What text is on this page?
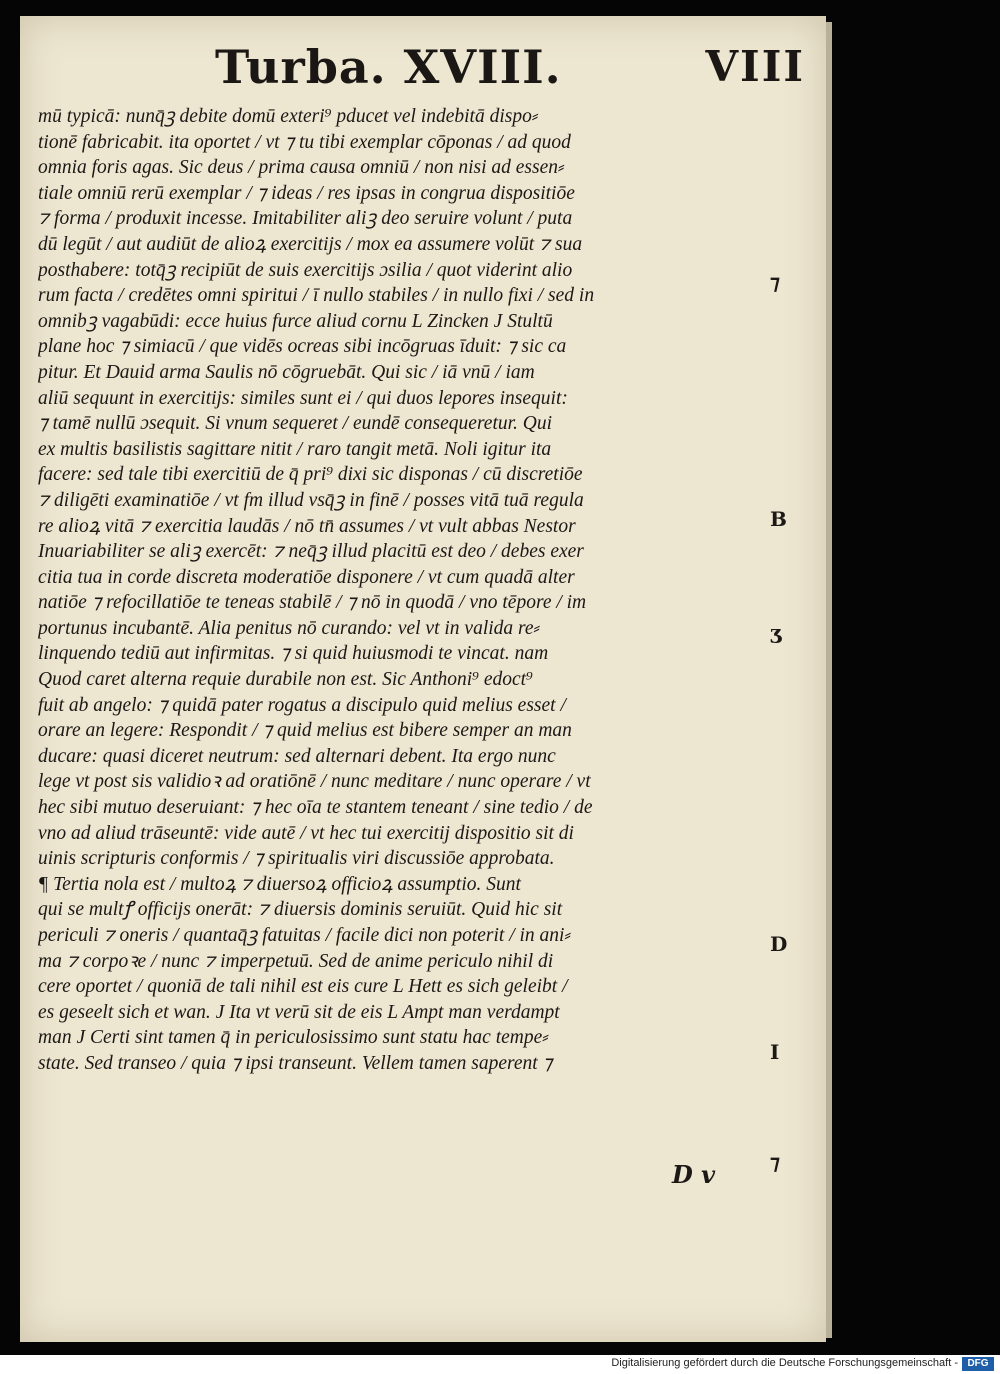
Turba. XVIII.	VIII
mū typicā: nunq̄ꝫ debite domū exteri⁹ pducet vel indebitā dispo⸗
tionē fabricabit. ita oportet / vt ⁊ tu tibi exemplar cōponas / ad quod
omnia foris agas. Sic deus / prima causa omniū / non nisi ad essen⸗
tiale omniū rerū exemplar / ⁊ ideas / res ipsas in congrua dispositiōe
⁊ forma / produxit incesse. Imitabiliter aliꝫ deo seruire volunt / puta
dū legūt / aut audiūt de alioꝝ exercitijs / mox ea assumere volūt ⁊ sua
posthabere: totq̄ꝫ recipiūt de suis exercitijs ɔsilia / quot viderint alio
rum facta / credētes omni spiritui / ī nullo stabiles / in nullo fixi / sed in
omnibꝫ vagabūdi: ecce huius furce aliud cornu L Zincken J Stultū
plane hoc ⁊ simiacū / que vidēs ocreas sibi incōgruas īduit: ⁊ sic ca
pitur. Et Dauid arma Saulis nō cōgruebāt. Qui sic / iā vnū / iam
aliū sequunt in exercitijs: similes sunt ei / qui duos lepores insequit:
⁊ tamē nullū ɔsequit. Si vnum sequeret / eundē consequeretur. Qui
ex multis basilistis sagittare nitit / raro tangit metā. Noli igitur ita
facere: sed tale tibi exercitiū de q̄ pri⁹ dixi sic disponas / cū discretiōe
⁊ diligēti examinatiōe / vt fm illud vsq̄ꝫ in finē / posses vitā tuā regula
re alioꝝ vitā ⁊ exercitia laudās / nō tn̄ assumes / vt vult abbas Nestor
Inuariabiliter se aliꝫ exercēt: ⁊ neq̄ꝫ illud placitū est deo / debes exer
citia tua in corde discreta moderatiōe disponere / vt cum quadā alter
natiōe ⁊ refocillatiōe te teneas stabilē / ⁊ nō in quodā / vno tēpore / im
portunus incubantē. Alia penitus nō curando: vel vt in valida re⸗
linquendo tediū aut infirmitas. ⁊ si quid huiusmodi te vincat. nam
Quod caret alterna requie durabile non est. Sic Anthoni⁹ edoct⁹
fuit ab angelo: ⁊ quidā pater rogatus a discipulo quid melius esset /
orare an legere: Respondit / ⁊ quid melius est bibere semper an man
ducare: quasi diceret neutrum: sed alternari debent. Ita ergo nunc
lege vt post sis validioꝛ ad oratiōnē / nunc meditare / nunc operare / vt
hec sibi mutuo deseruiant: ⁊ hec oīa te stantem teneant / sine tedio / de
vno ad aliud trāseuntē: vide autē / vt hec tui exercitij dispositio sit di
uinis scripturis conformis / ⁊ spiritualis viri discussiōe approbata.
¶ Tertia nola est / multoꝝ ⁊ diuersoꝝ officioꝝ assumptio. Sunt
qui se multꝭ officijs onerāt: ⁊ diuersis dominis seruiūt. Quid hic sit
periculi ⁊ oneris / quantaq̄ꝫ fatuitas / facile dici non poterit / in ani⸗
ma ⁊ corpoꝛe / nunc ⁊ imperpetuū. Sed de anime periculo nihil di
cere oportet / quoniā de tali nihil est eis cure L Hett es sich geleibt /
es geseelt sich et wan. J Ita vt verū sit de eis L Ampt man verdampt
man J Certi sint tamen q̄ in periculosissimo sunt statu hac tempe⸗
state. Sed transeo / quia ⁊ ipsi transeunt. Vellem tamen saperent ⁊
⁊
B
ʒ
D
I
⁊
D v
Digitalisierung gefördert durch die Deutsche Forschungsgemeinschaft - DFG
